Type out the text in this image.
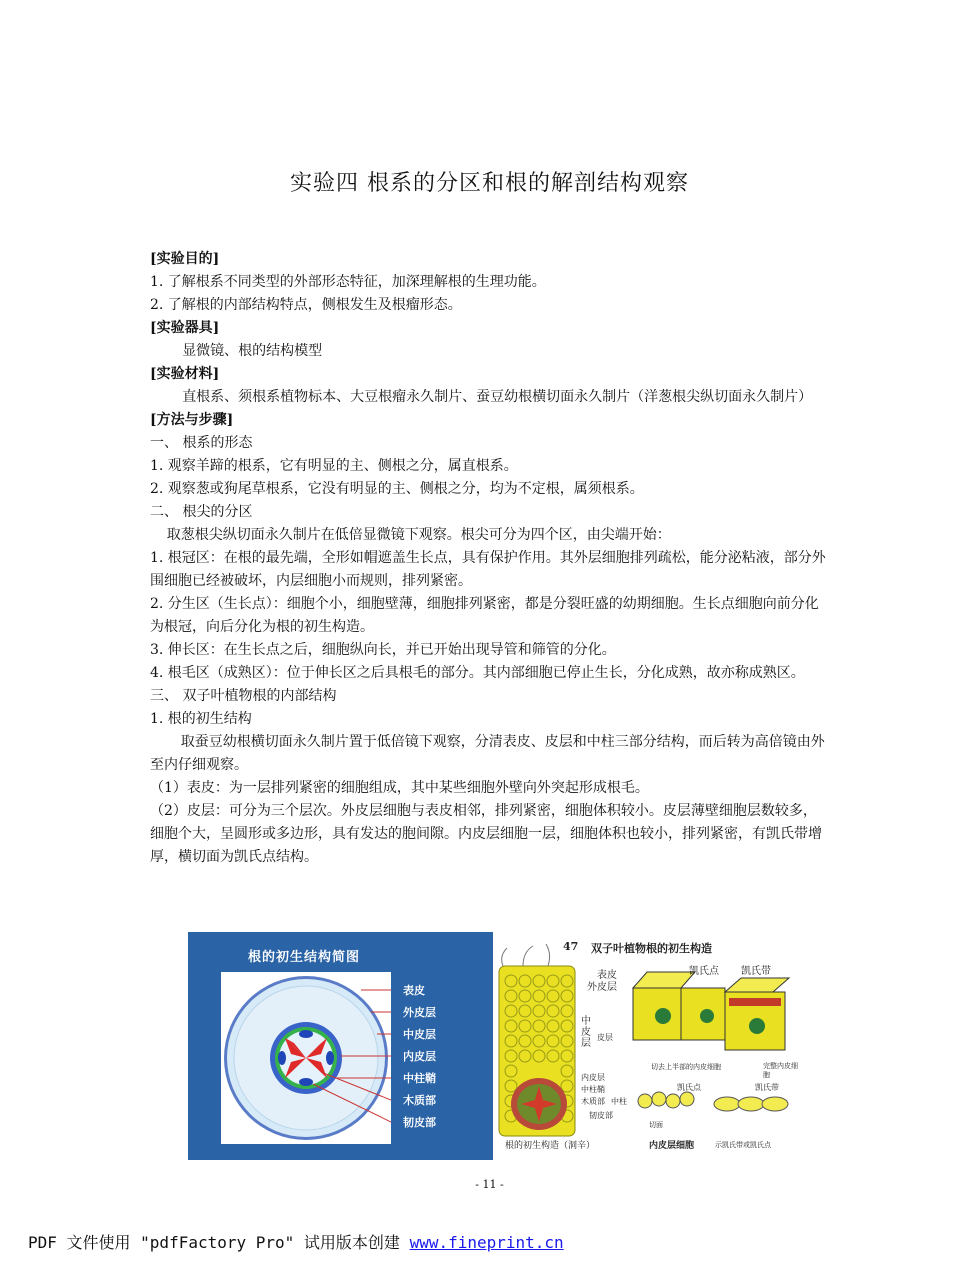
实验四 根系的分区和根的解剖结构观察

[实验目的]

1. 了解根系不同类型的外部形态特征，加深理解根的生理功能。

2. 了解根的内部结构特点，侧根发生及根瘤形态。

[实验器具]

显微镜、根的结构模型

[实验材料]

直根系、须根系植物标本、大豆根瘤永久制片、蚕豆幼根横切面永久制片（洋葱根尖纵切面永久制片）

[方法与步骤]

一、 根系的形态

1. 观察羊蹄的根系，它有明显的主、侧根之分，属直根系。

2. 观察葱或狗尾草根系，它没有明显的主、侧根之分，均为不定根，属须根系。

二、 根尖的分区

取葱根尖纵切面永久制片在低倍显微镜下观察。根尖可分为四个区，由尖端开始：

1. 根冠区：在根的最先端，全形如帽遮盖生长点，具有保护作用。其外层细胞排列疏松，能分泌粘液，部分外围细胞已经被破坏，内层细胞小而规则，排列紧密。

2. 分生区（生长点）：细胞个小，细胞壁薄，细胞排列紧密，都是分裂旺盛的幼期细胞。生长点细胞向前分化为根冠，向后分化为根的初生构造。

3. 伸长区：在生长点之后，细胞纵向长，并已开始出现导管和筛管的分化。

4. 根毛区（成熟区）：位于伸长区之后具根毛的部分。其内部细胞已停止生长，分化成熟，故亦称成熟区。

三、 双子叶植物根的内部结构

1. 根的初生结构

取蚕豆幼根横切面永久制片置于低倍镜下观察，分清表皮、皮层和中柱三部分结构，而后转为高倍镜由外至内仔细观察。

（1）表皮：为一层排列紧密的细胞组成，其中某些细胞外壁向外突起形成根毛。

（2）皮层：可分为三个层次。外皮层细胞与表皮相邻，排列紧密，细胞体积较小。皮层薄壁细胞层数较多，细胞个大，呈圆形或多边形，具有发达的胞间隙。内皮层细胞一层，细胞体积也较小，排列紧密，有凯氏带增厚，横切面为凯氏点结构。

根的初生结构简图
表皮
外皮层
中皮层
内皮层
中柱鞘
木质部
韧皮部
47 双子叶植物根的初生构造
表皮
外皮层
中皮层
皮层
内皮层
中柱鞘
木质部 中柱
韧皮部
凯氏点 凯氏带
切去上半部的内皮细胞	完整内皮细胞
凯氏点	凯氏带
切面
根的初生构造（洞辛）	内皮层细胞	示凯氏带或凯氏点
- 11 -
PDF 文件使用 "pdfFactory Pro" 试用版本创建 www.fineprint.cn
